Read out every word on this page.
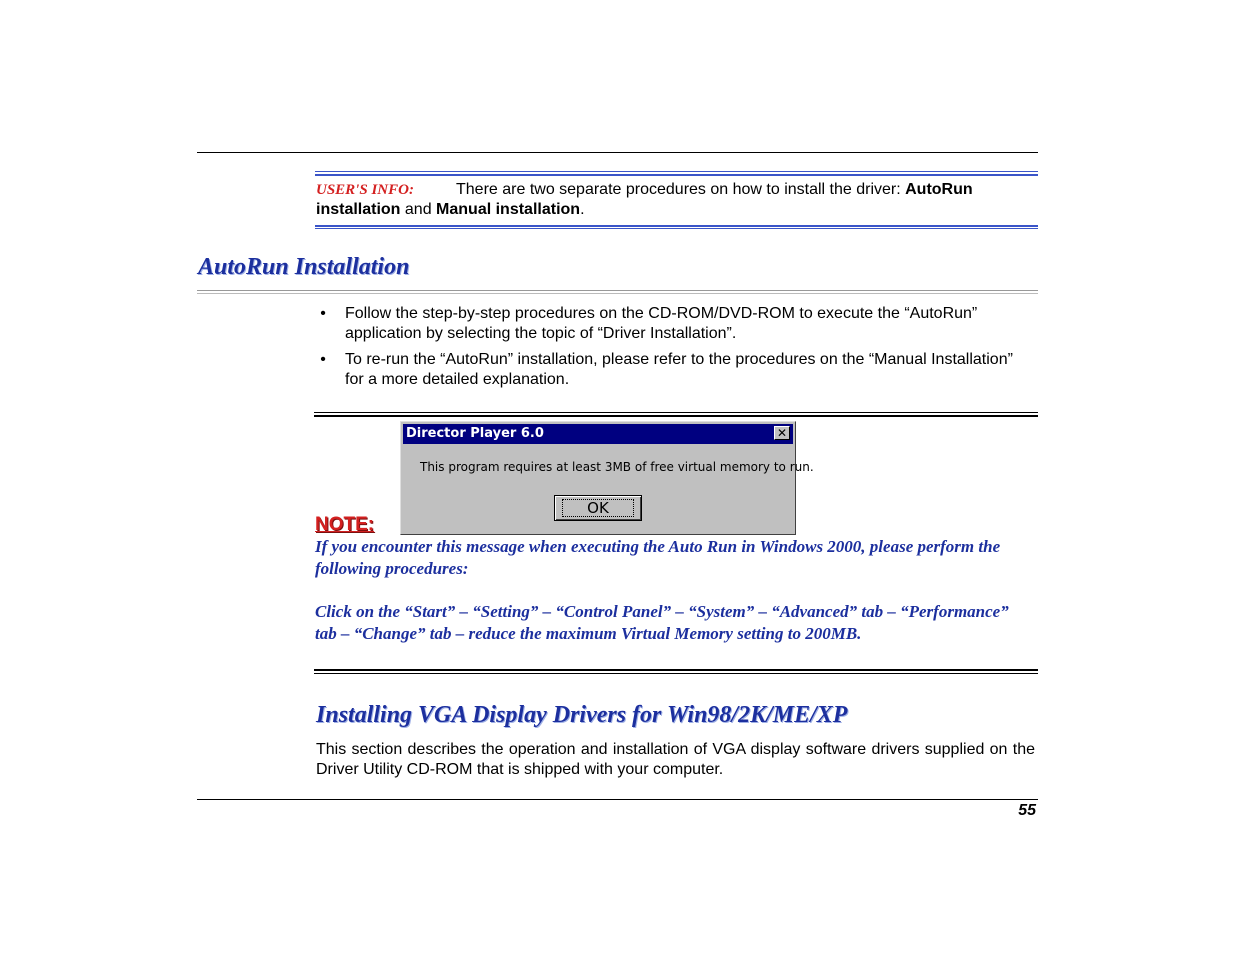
USER'S INFO:	There are two separate procedures on how to install the driver: AutoRun installation and Manual installation.
AutoRun Installation
• Follow the step-by-step procedures on the CD-ROM/DVD-ROM to execute the “AutoRun” application by selecting the topic of “Driver Installation”.
• To re-run the “AutoRun” installation, please refer to the procedures on the “Manual Installation” for a more detailed explanation.
Director Player 6.0	✕
This program requires at least 3MB of free virtual memory to run.
OK
NOTE:

If you encounter this message when executing the Auto Run in Windows 2000, please perform the following procedures:

Click on the “Start” – “Setting” – “Control Panel” – “System” – “Advanced” tab – “Performance” tab – “Change” tab – reduce the maximum Virtual Memory setting to 200MB.

Installing VGA Display Drivers for Win98/2K/ME/XP
This section describes the operation and installation of VGA display software drivers supplied on the Driver Utility CD-ROM that is shipped with your computer.
55
